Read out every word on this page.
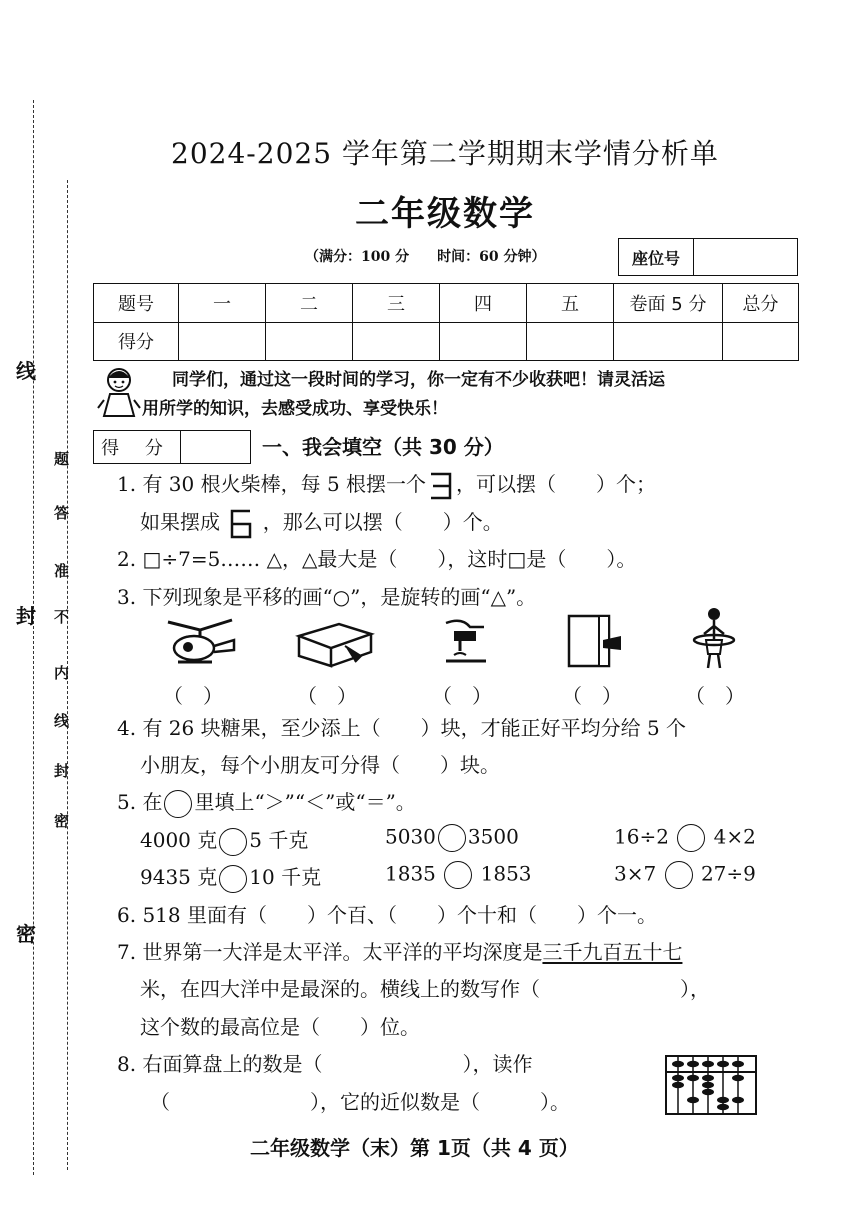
线
题
答
准
封 不
内
线
封
密
密
2024-2025 学年第二学期期末学情分析单
二年级数学
（满分：100 分　　时间：60 分钟）	座位号
题号	一	二	三	四	五	卷面 5 分	总分
得分							
同学们，通过这一段时间的学习，你一定有不少收获吧！请灵活运
用所学的知识，去感受成功、享受快乐！
得 分	一、我会填空（共 30 分）
1. 有 30 根火柴棒，每 5 根摆一个 ，可以摆（　　）个；
如果摆成 ，那么可以摆（　　）个。
2. □÷7=5…… △，△最大是（　　），这时□是（　　）。
3. 下列现象是平移的画“○”，是旋转的画“△”。
（　）	（　）	（　）	（　）	（　）
4. 有 26 块糖果，至少添上（　　）块，才能正好平均分给 5 个
小朋友，每个小朋友可分得（　　）块。
5. 在 里填上“＞”“＜”或“＝”。
4000 克 5 千克	5030 3500	16÷2 4×2
9435 克 10 千克	1835 1853	3×7 27÷9
6. 518 里面有（　　）个百、（　　）个十和（　　）个一。
7. 世界第一大洋是太平洋。太平洋的平均深度是三千九百五十七
米，在四大洋中是最深的。横线上的数写作（　　　　　　　），
这个数的最高位是（　　）位。
8. 右面算盘上的数是（　　　　　　　），读作
（　　　　　　　），它的近似数是（　　　）。
二年级数学（末）第 1页（共 4 页）
